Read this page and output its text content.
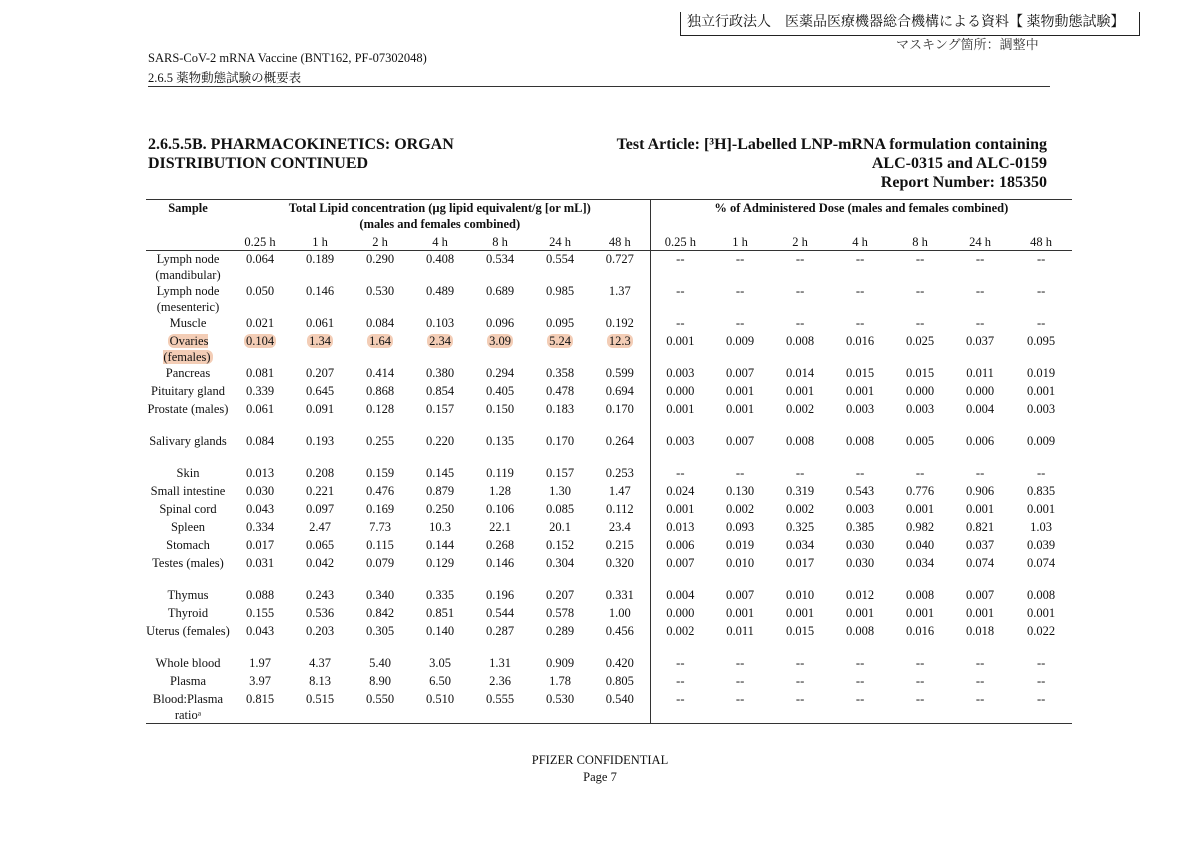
独立行政法人　医薬品医療機器総合機構による資料【 薬物動態試験】
マスキング箇所：調整中
SARS-CoV-2 mRNA Vaccine (BNT162, PF-07302048)
2.6.5 薬物動態試験の概要表
2.6.5.5B. PHARMACOKINETICS: ORGAN
DISTRIBUTION CONTINUED
Test Article: [³H]-Labelled LNP-mRNA formulation containing
ALC-0315 and ALC-0159
Report Number: 185350
Sample	Total Lipid concentration (µg lipid equivalent/g [or mL])
(males and females combined)							% of Administered Dose (males and females combined)						
	0.25 h	1 h	2 h	4 h	8 h	24 h	48 h	0.25 h	1 h	2 h	4 h	8 h	24 h	48 h
Lymph node (mandibular)	0.064	0.189	0.290	0.408	0.534	0.554	0.727	--	--	--	--	--	--	--
Lymph node (mesenteric)	0.050	0.146	0.530	0.489	0.689	0.985	1.37	--	--	--	--	--	--	--
Muscle	0.021	0.061	0.084	0.103	0.096	0.095	0.192	--	--	--	--	--	--	--
Ovaries (females)	0.104	1.34	1.64	2.34	3.09	5.24	12.3	0.001	0.009	0.008	0.016	0.025	0.037	0.095
Pancreas	0.081	0.207	0.414	0.380	0.294	0.358	0.599	0.003	0.007	0.014	0.015	0.015	0.011	0.019
Pituitary gland	0.339	0.645	0.868	0.854	0.405	0.478	0.694	0.000	0.001	0.001	0.001	0.000	0.000	0.001
Prostate (males)	0.061	0.091	0.128	0.157	0.150	0.183	0.170	0.001	0.001	0.002	0.003	0.003	0.004	0.003
Salivary glands	0.084	0.193	0.255	0.220	0.135	0.170	0.264	0.003	0.007	0.008	0.008	0.005	0.006	0.009
Skin	0.013	0.208	0.159	0.145	0.119	0.157	0.253	--	--	--	--	--	--	--
Small intestine	0.030	0.221	0.476	0.879	1.28	1.30	1.47	0.024	0.130	0.319	0.543	0.776	0.906	0.835
Spinal cord	0.043	0.097	0.169	0.250	0.106	0.085	0.112	0.001	0.002	0.002	0.003	0.001	0.001	0.001
Spleen	0.334	2.47	7.73	10.3	22.1	20.1	23.4	0.013	0.093	0.325	0.385	0.982	0.821	1.03
Stomach	0.017	0.065	0.115	0.144	0.268	0.152	0.215	0.006	0.019	0.034	0.030	0.040	0.037	0.039
Testes (males)	0.031	0.042	0.079	0.129	0.146	0.304	0.320	0.007	0.010	0.017	0.030	0.034	0.074	0.074
Thymus	0.088	0.243	0.340	0.335	0.196	0.207	0.331	0.004	0.007	0.010	0.012	0.008	0.007	0.008
Thyroid	0.155	0.536	0.842	0.851	0.544	0.578	1.00	0.000	0.001	0.001	0.001	0.001	0.001	0.001
Uterus (females)	0.043	0.203	0.305	0.140	0.287	0.289	0.456	0.002	0.011	0.015	0.008	0.016	0.018	0.022
Whole blood	1.97	4.37	5.40	3.05	1.31	0.909	0.420	--	--	--	--	--	--	--
Plasma	3.97	8.13	8.90	6.50	2.36	1.78	0.805	--	--	--	--	--	--	--
Blood:Plasma ratioᵃ	0.815	0.515	0.550	0.510	0.555	0.530	0.540	--	--	--	--	--	--	--
PFIZER CONFIDENTIAL
Page 7
